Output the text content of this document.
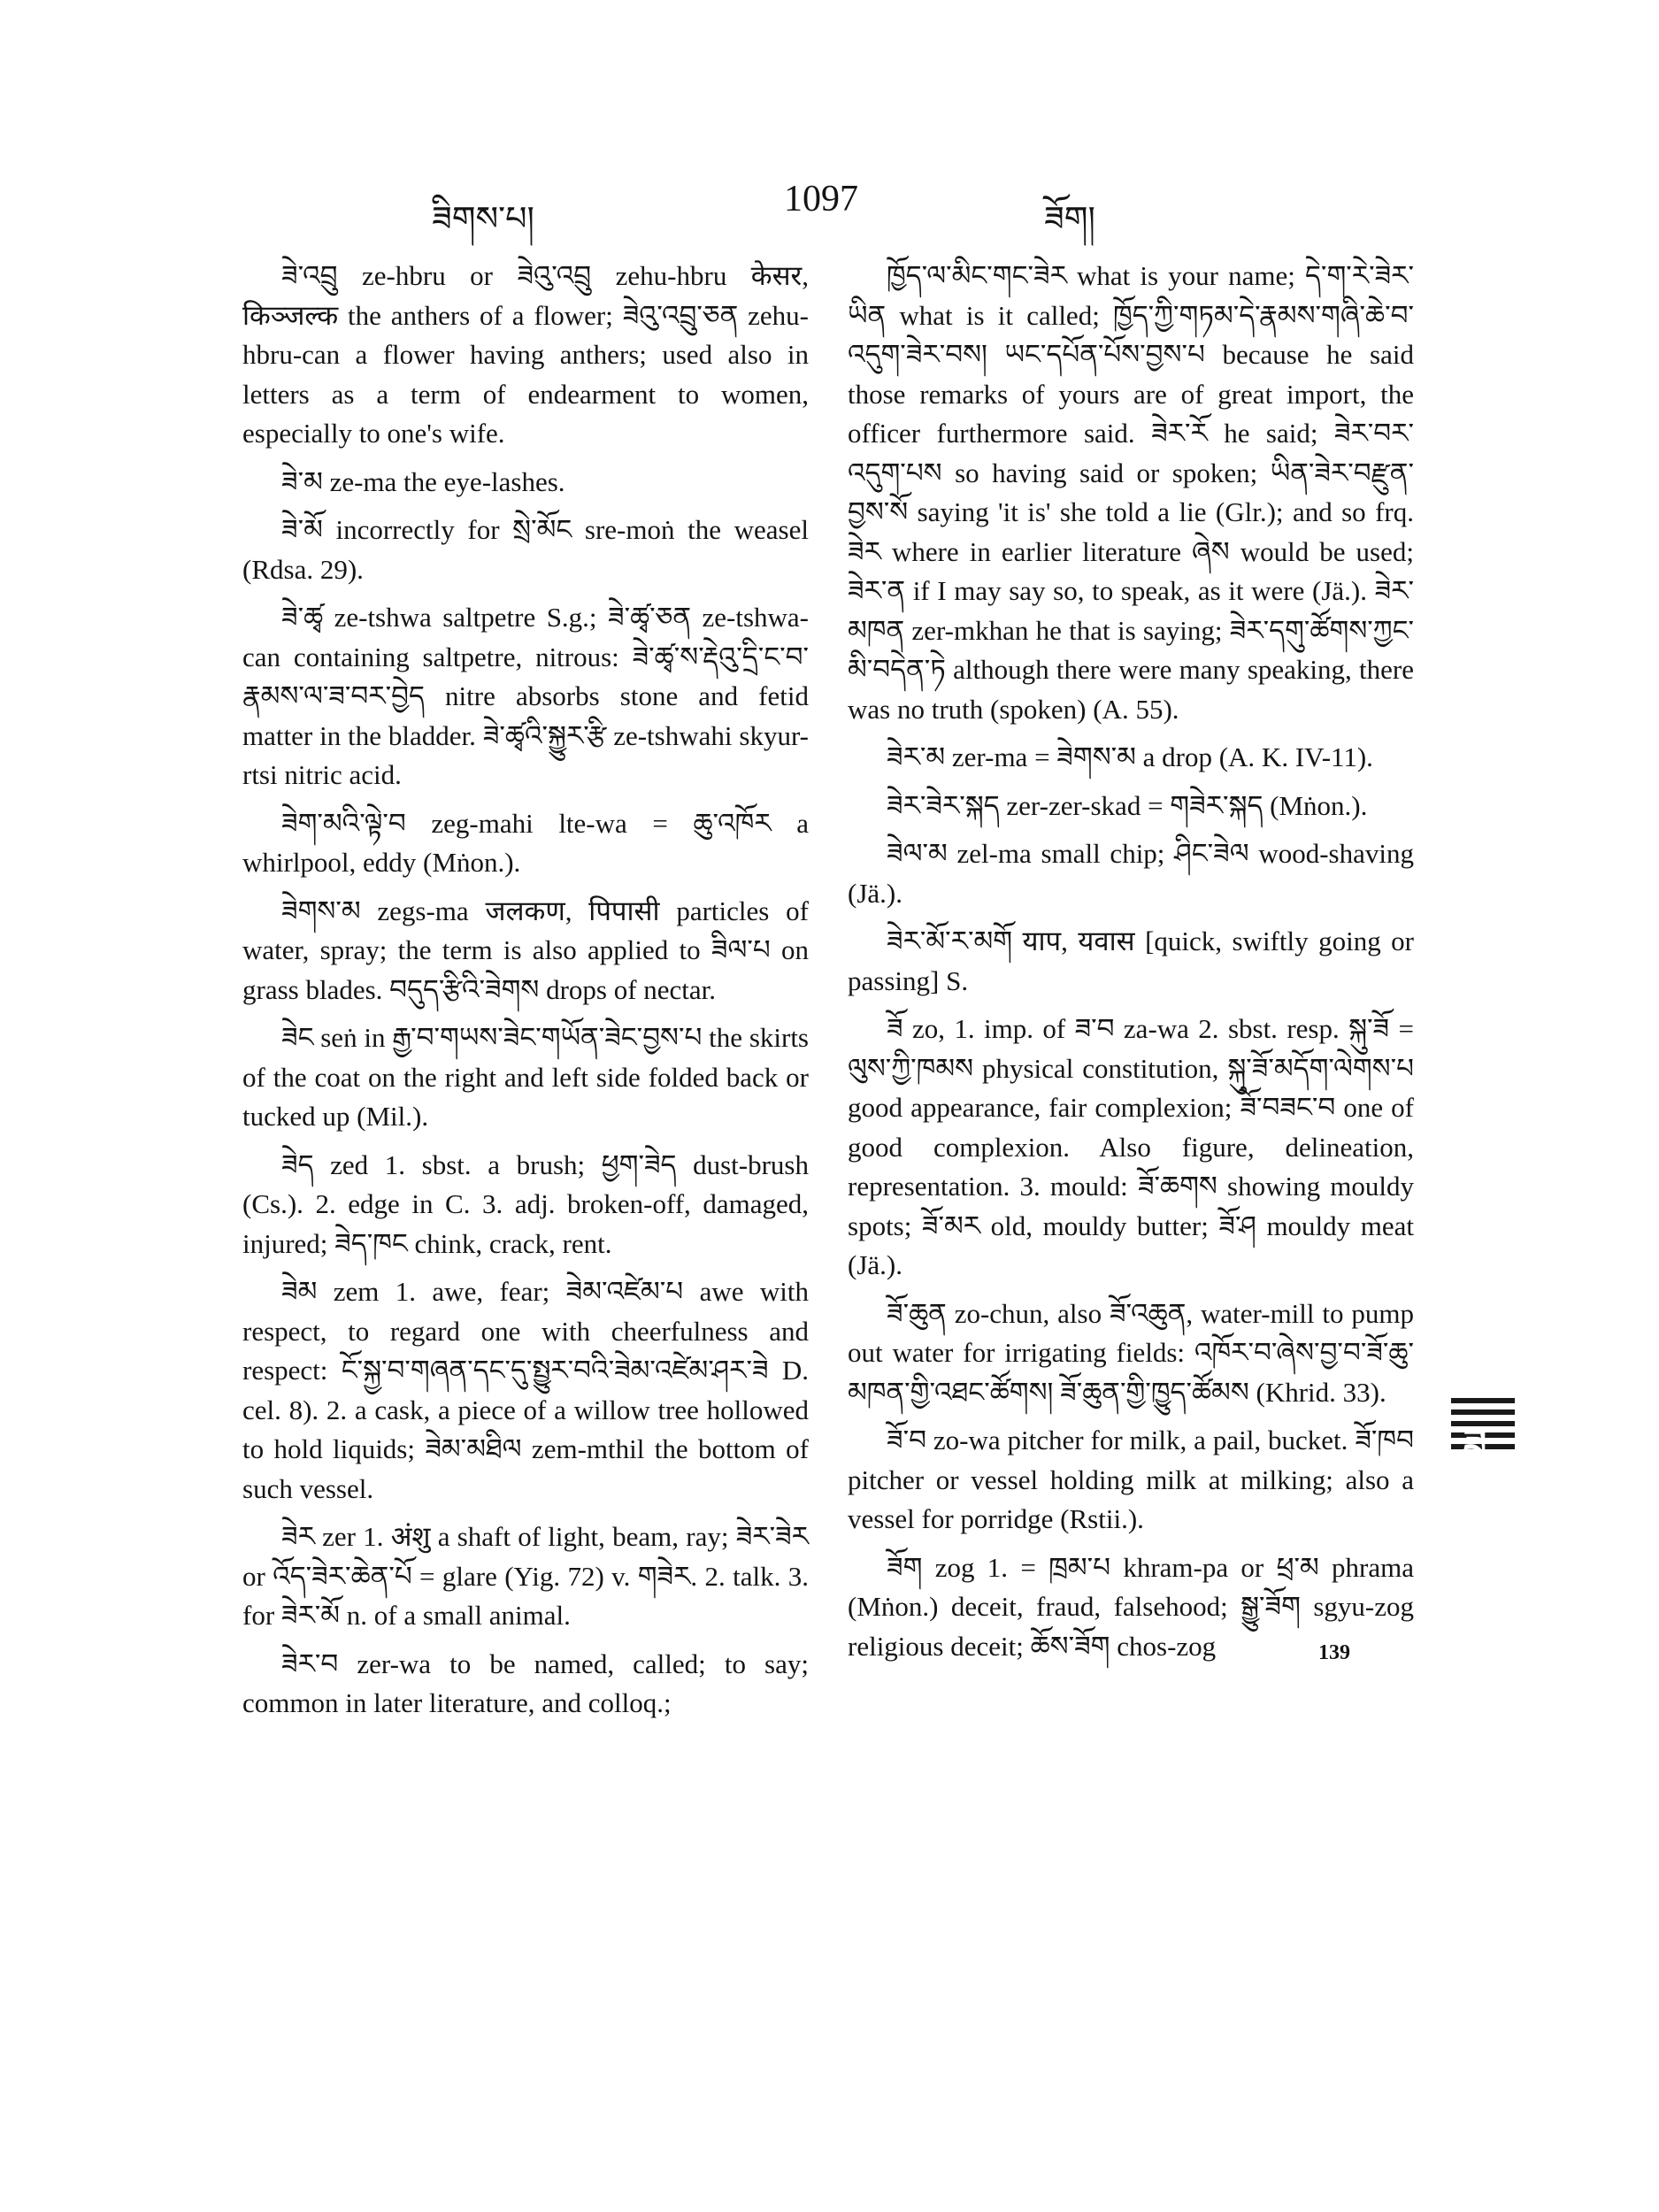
ཟིགས་པ།	1097	ཟོག།

ཟེ་འབྲུ ze-hbru or ཟེའུ་འབྲུ zehu-hbru केसर, किञ्जल्क the anthers of a flower; ཟེའུ་འབྲུ་ཅན zehu-hbru-can a flower having anthers; used also in letters as a term of endearment to women, especially to one's wife.

ཟེ་མ ze-ma the eye-lashes.

ཟེ་མོ incorrectly for སྲེ་མོང sre-moṅ the weasel (Rdsa. 29).

ཟེ་ཚྭ ze-tshwa saltpetre S.g.; ཟེ་ཚྭ་ཅན ze-tshwa-can containing saltpetre, nitrous: ཟེ་ཚྭ་ས་རྡེའུ་དྲི་ང་བ་རྣམས་ལ་ཟ་བར་བྱེད nitre absorbs stone and fetid matter in the bladder. ཟེ་ཚྭའི་སྐྱུར་རྩི ze-tshwahi skyur-rtsi nitric acid.

ཟེག་མའི་ལྟེ་བ zeg-mahi lte-wa = ཆུ་འཁོར a whirlpool, eddy (Mṅon.).

ཟེགས་མ zegs-ma जलकण, पिपासी particles of water, spray; the term is also applied to ཟིལ་པ on grass blades. བདུད་རྩིའི་ཟེགས drops of nectar.

ཟེང seṅ in རྒྱ་བ་གཡས་ཟེང་གཡོན་ཟེང་བྱས་པ the skirts of the coat on the right and left side folded back or tucked up (Mil.).

ཟེད zed 1. sbst. a brush; ཕྱག་ཟེད dust-brush (Cs.). 2. edge in C. 3. adj. broken-off, damaged, injured; ཟེད་ཁང chink, crack, rent.

ཟེམ zem 1. awe, fear; ཟེམ་འཛེམ་པ awe with respect, to regard one with cheerfulness and respect: ངོ་སྐྱ་བ་གཞན་དང་དུ་སྤྱུར་བའི་ཟེམ་འཛེམ་ཤར་ཟེ D. cel. 8). 2. a cask, a piece of a willow tree hollowed to hold liquids; ཟེམ་མཐིལ zem-mthil the bottom of such vessel.

ཟེར zer 1. अंशु a shaft of light, beam, ray; ཟེར་ཟེར or འོད་ཟེར་ཆེན་པོ = glare (Yig. 72) v. གཟེར. 2. talk. 3. for ཟེར་མོ n. of a small animal.

ཟེར་བ zer-wa to be named, called; to say; common in later literature, and colloq.;

ཁྱོད་ལ་མིང་གང་ཟེར what is your name; དེ་ག་རེ་ཟེར་ཡིན what is it called; ཁྱོད་ཀྱི་གཏམ་དེ་རྣམས་གཞི་ཆེ་བ་འདུག་ཟེར་བས། ཡང་དཔོན་པོས་བྱས་པ because he said those remarks of yours are of great import, the officer furthermore said. ཟེར་རོ he said; ཟེར་བར་འདུག་པས so having said or spoken; ཡིན་ཟེར་བརྫུན་བྱས་སོ saying 'it is' she told a lie (Glr.); and so frq. ཟེར where in earlier literature ཞེས would be used; ཟེར་ན if I may say so, to speak, as it were (Jä.). ཟེར་མཁན zer-mkhan he that is saying; ཟེར་དགུ་ཚོགས་ཀྱང་མི་བདེན་ཏེ although there were many speaking, there was no truth (spoken) (A. 55).

ཟེར་མ zer-ma = ཟེགས་མ a drop (A. K. IV-11).

ཟེར་ཟེར་སྐད zer-zer-skad = གཟེར་སྐད (Mṅon.).

ཟེལ་མ zel-ma small chip; ཤིང་ཟེལ wood-shaving (Jä.).

ཟེར་མོ་ར་མགོ याप, यवास [quick, swiftly going or passing] S.

ཟོ zo, 1. imp. of ཟ་བ za-wa 2. sbst. resp. སྐུ་ཟོ = ལུས་ཀྱི་ཁམས physical constitution, སྐུ་ཟོ་མདོག་ལེགས་པ good appearance, fair complexion; ཟོ་བཟང་བ one of good complexion. Also figure, delineation, representation. 3. mould: ཟོ་ཆགས showing mouldy spots; ཟོ་མར old, mouldy butter; ཟོ་ཤ mouldy meat (Jä.).

ཟོ་ཆུན zo-chun, also ཟོ་འཆུན, water-mill to pump out water for irrigating fields: འཁོར་བ་ཞེས་བྱ་བ་ཟོ་ཆུ་མཁན་གྱི་འཐང་ཚོགས། ཟོ་ཆུན་གྱི་ཁྱུད་ཚོམས (Khrid. 33).

ཟོ་བ zo-wa pitcher for milk, a pail, bucket. ཟོ་ཁབ pitcher or vessel holding milk at milking; also a vessel for porridge (Rstii.).

ཟོག zog 1. = ཁྲམ་པ khram-pa or ཕྲ་མ phrama (Mṅon.) deceit, fraud, falsehood; སྒྱུ་ཟོག sgyu-zog religious deceit; ཆོས་ཟོག chos-zog

ཟ
139
